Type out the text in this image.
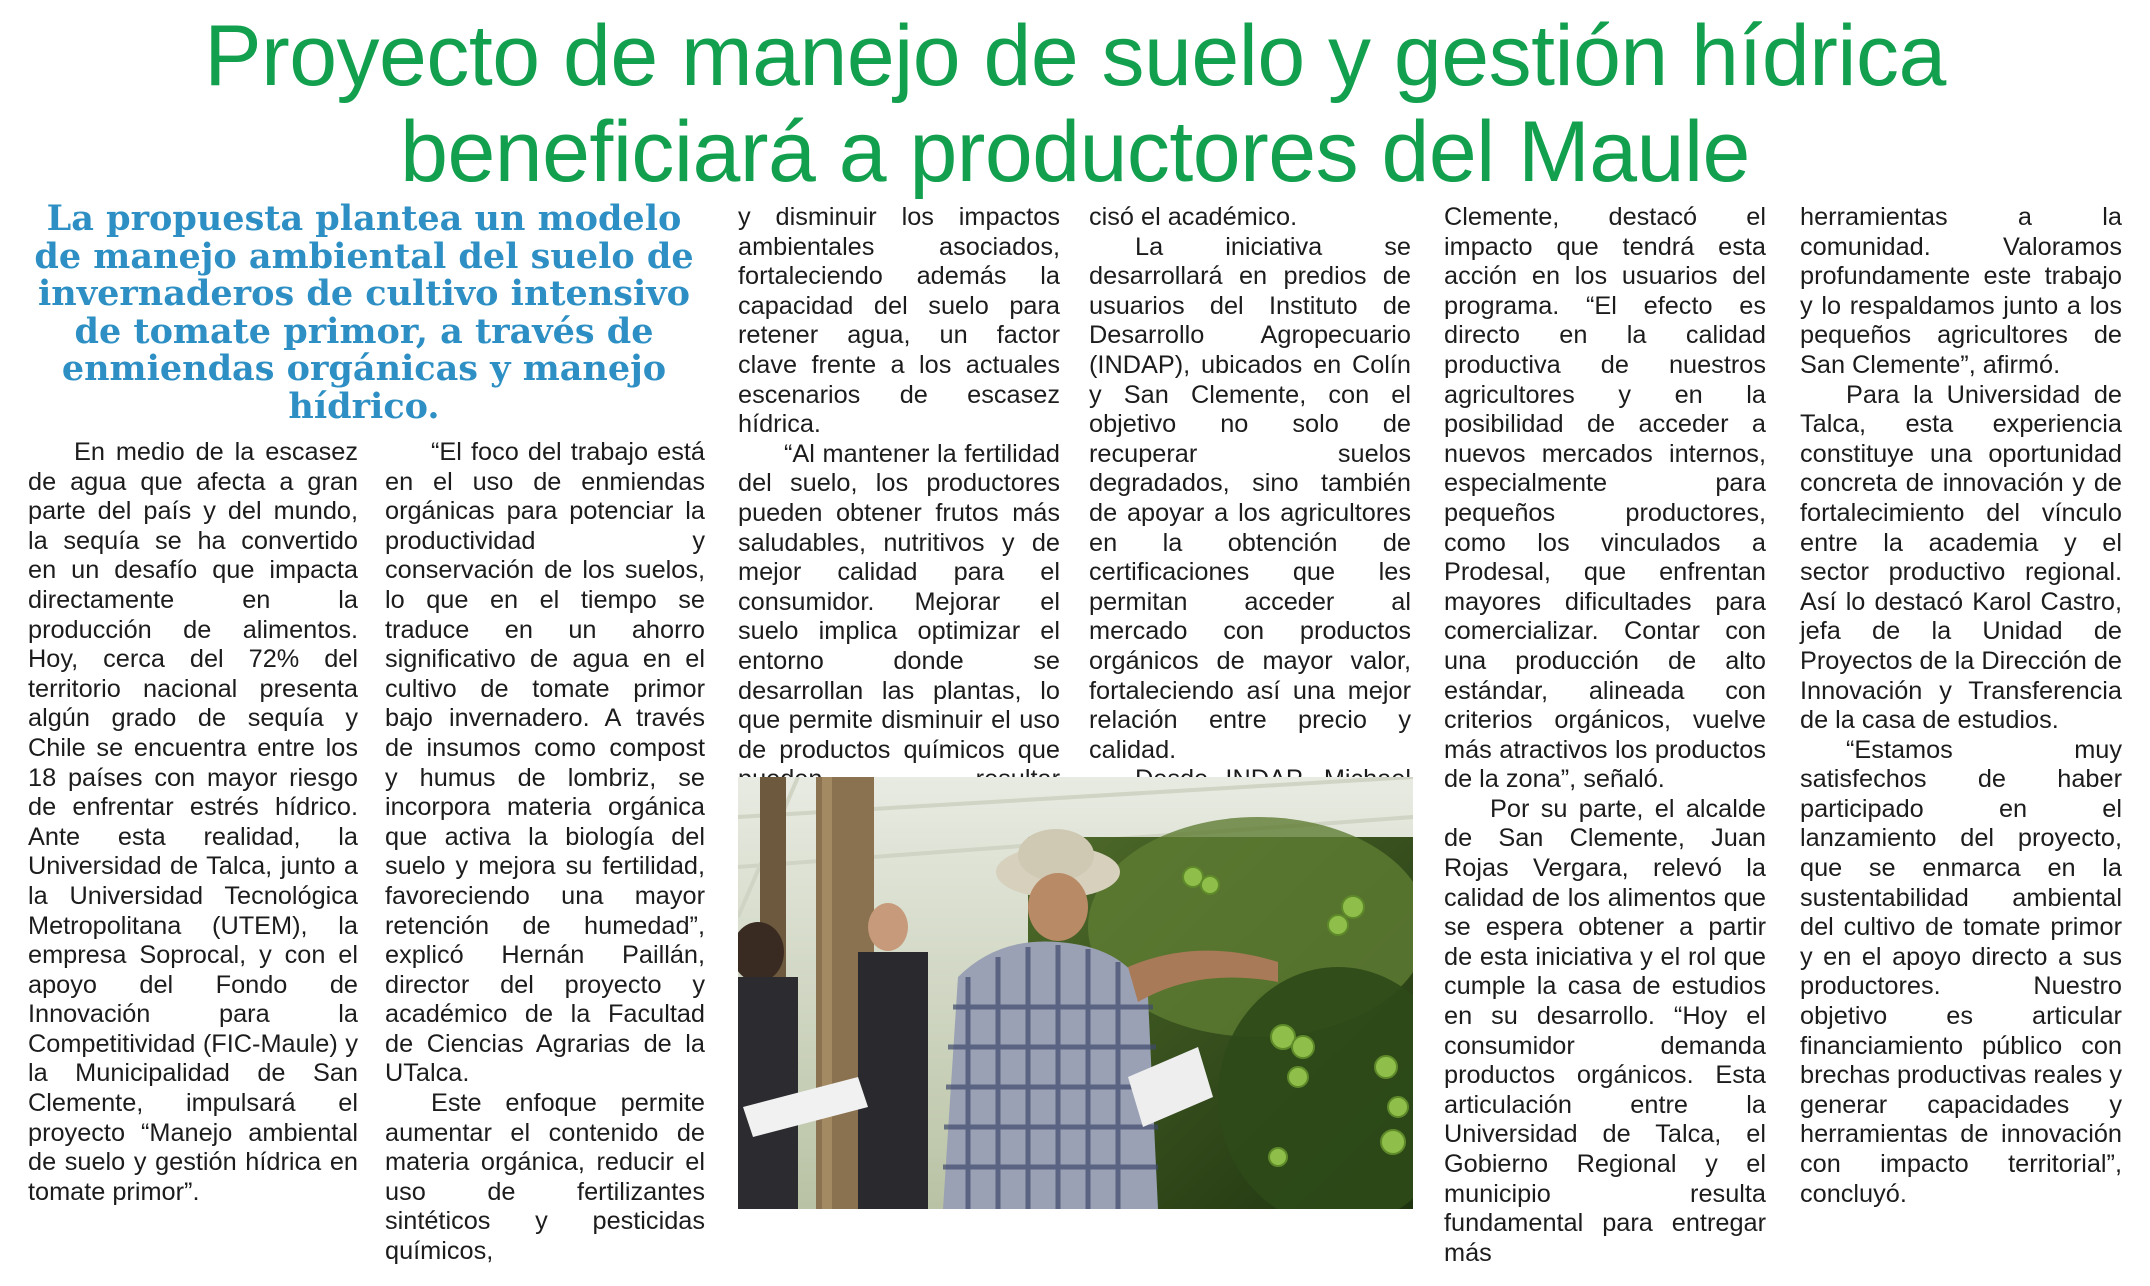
Proyecto de manejo de suelo y gestión hídrica
beneficiará a productores del Maule

La propuesta plantea un modelo de manejo ambiental del suelo de invernaderos de cultivo intensivo de tomate primor, a través de enmiendas orgánicas y manejo hídrico.

En medio de la escasez de agua que afecta a gran parte del país y del mundo, la sequía se ha convertido en un desafío que impacta directamente en la producción de alimentos. Hoy, cerca del 72% del territorio nacional presenta algún grado de sequía y Chile se encuentra entre los 18 países con mayor riesgo de enfrentar estrés hídrico. Ante esta realidad, la Universidad de Talca, junto a la Universidad Tecnológica Metropolitana (UTEM), la empresa Soprocal, y con el apoyo del Fondo de Innovación para la Competitividad (FIC-Maule) y la Municipalidad de San Clemente, impulsará el proyecto “Manejo ambiental de suelo y gestión hídrica en tomate primor”.

“El foco del trabajo está en el uso de enmiendas orgánicas para potenciar la productividad y conservación de los suelos, lo que en el tiempo se traduce en un ahorro significativo de agua en el cultivo de tomate primor bajo invernadero. A través de insumos como compost y humus de lombriz, se incorpora materia orgánica que activa la biología del suelo y mejora su fertilidad, favoreciendo una mayor retención de humedad”, explicó Hernán Paillán, director del proyecto y académico de la Facultad de Ciencias Agrarias de la UTalca.

Este enfoque permite aumentar el contenido de materia orgánica, reducir el uso de fertilizantes sintéticos y pesticidas químicos,

y disminuir los impactos ambientales asociados, fortaleciendo además la capacidad del suelo para retener agua, un factor clave frente a los actuales escenarios de escasez hídrica.

“Al mantener la fertilidad del suelo, los productores pueden obtener frutos más saludables, nutritivos y de mejor calidad para el consumidor. Mejorar el suelo implica optimizar el entorno donde se desarrollan las plantas, lo que permite disminuir el uso de productos químicos que

cisó el académico.

La iniciativa se desarrollará en predios de usuarios del Instituto de Desarrollo Agropecuario (INDAP), ubicados en Colín y San Clemente, con el objetivo no solo de recuperar suelos degradados, sino también de apoyar a los agricultores en la obtención de certificaciones que les permitan acceder al mercado con productos orgánicos de mayor valor, fortaleciendo así una mejor relación entre precio y calidad.

Clemente, destacó el impacto que tendrá esta acción en los usuarios del programa. “El efecto es directo en la calidad productiva de nuestros agricultores y en la posibilidad de acceder a nuevos mercados internos, especialmente para pequeños productores, como los vinculados a Prodesal, que enfrentan mayores dificultades para comercializar. Contar con una producción de alto estándar, alineada con criterios orgánicos, vuelve más atractivos los productos de la zona”, señaló.

Por su parte, el alcalde de San Clemente, Juan Rojas Vergara, relevó la calidad de los alimentos que se espera obtener a partir de esta iniciativa y el rol que cumple la casa de estudios en su desarrollo. “Hoy el consumidor demanda productos orgánicos. Esta articulación entre la Universidad de Talca, el Gobierno Regional y el municipio resulta fundamental para entregar más

herramientas a la comunidad. Valoramos profundamente este trabajo y lo respaldamos junto a los pequeños agricultores de San Clemente”, afirmó.

Para la Universidad de Talca, esta experiencia constituye una oportunidad concreta de innovación y de fortalecimiento del vínculo entre la academia y el sector productivo regional. Así lo destacó Karol Castro, jefa de la Unidad de Proyectos de la Dirección de Innovación y Transferencia de la casa de estudios.

“Estamos muy satisfechos de haber participado en el lanzamiento del proyecto, que se enmarca en la sustentabilidad ambiental del cultivo de tomate primor y en el apoyo directo a sus productores. Nuestro objetivo es articular financiamiento público con brechas productivas reales y generar capacidades y herramientas de innovación con impacto territorial”, concluyó.
